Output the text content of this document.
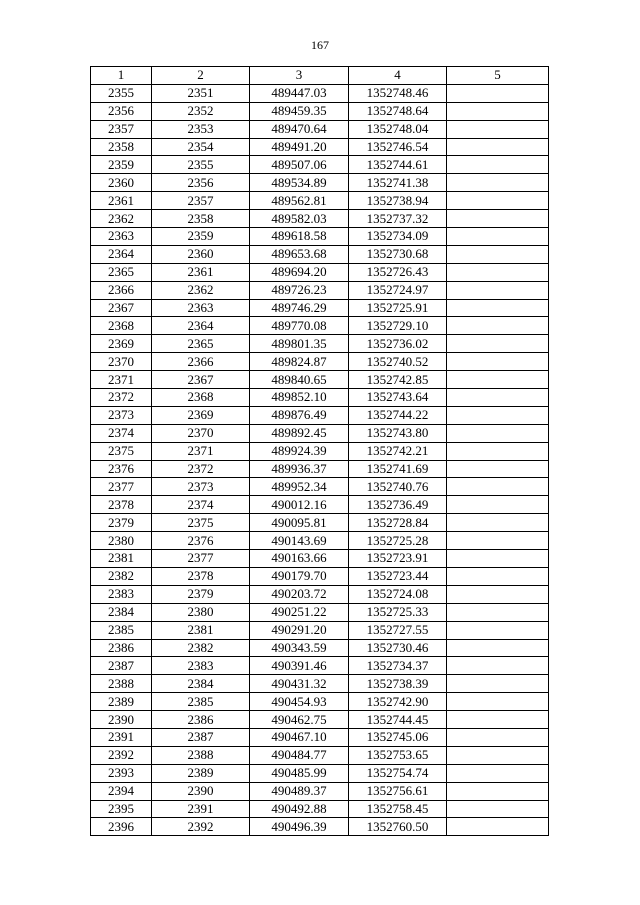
167
1	2	3	4	5
2355	2351	489447.03	1352748.46	
2356	2352	489459.35	1352748.64	
2357	2353	489470.64	1352748.04	
2358	2354	489491.20	1352746.54	
2359	2355	489507.06	1352744.61	
2360	2356	489534.89	1352741.38	
2361	2357	489562.81	1352738.94	
2362	2358	489582.03	1352737.32	
2363	2359	489618.58	1352734.09	
2364	2360	489653.68	1352730.68	
2365	2361	489694.20	1352726.43	
2366	2362	489726.23	1352724.97	
2367	2363	489746.29	1352725.91	
2368	2364	489770.08	1352729.10	
2369	2365	489801.35	1352736.02	
2370	2366	489824.87	1352740.52	
2371	2367	489840.65	1352742.85	
2372	2368	489852.10	1352743.64	
2373	2369	489876.49	1352744.22	
2374	2370	489892.45	1352743.80	
2375	2371	489924.39	1352742.21	
2376	2372	489936.37	1352741.69	
2377	2373	489952.34	1352740.76	
2378	2374	490012.16	1352736.49	
2379	2375	490095.81	1352728.84	
2380	2376	490143.69	1352725.28	
2381	2377	490163.66	1352723.91	
2382	2378	490179.70	1352723.44	
2383	2379	490203.72	1352724.08	
2384	2380	490251.22	1352725.33	
2385	2381	490291.20	1352727.55	
2386	2382	490343.59	1352730.46	
2387	2383	490391.46	1352734.37	
2388	2384	490431.32	1352738.39	
2389	2385	490454.93	1352742.90	
2390	2386	490462.75	1352744.45	
2391	2387	490467.10	1352745.06	
2392	2388	490484.77	1352753.65	
2393	2389	490485.99	1352754.74	
2394	2390	490489.37	1352756.61	
2395	2391	490492.88	1352758.45	
2396	2392	490496.39	1352760.50	
